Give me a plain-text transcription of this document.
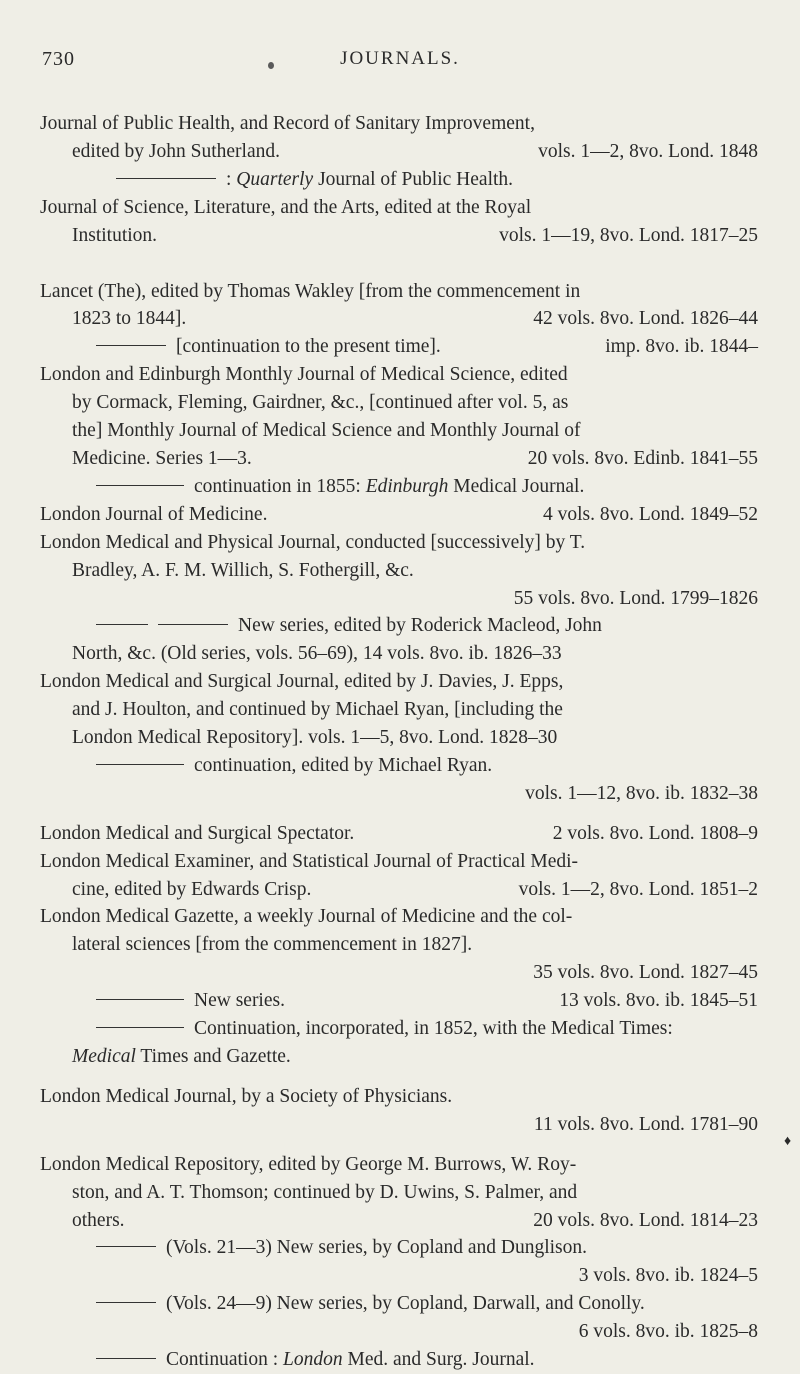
730	JOURNALS.
Journal of Public Health, and Record of Sanitary Improvement,
edited by John Sutherland.	vols. 1—2, 8vo. Lond. 1848
: Quarterly Journal of Public Health.
Journal of Science, Literature, and the Arts, edited at the Royal
Institution.	vols. 1—19, 8vo. Lond. 1817–25
Lancet (The), edited by Thomas Wakley [from the commencement in
1823 to 1844].	42 vols. 8vo. Lond. 1826–44
[continuation to the present time].	imp. 8vo. ib. 1844–
London and Edinburgh Monthly Journal of Medical Science, edited
by Cormack, Fleming, Gairdner, &c., [continued after vol. 5, as
the] Monthly Journal of Medical Science and Monthly Journal of
Medicine. Series 1—3.	20 vols. 8vo. Edinb. 1841–55
continuation in 1855: Edinburgh Medical Journal.
London Journal of Medicine.	4 vols. 8vo. Lond. 1849–52
London Medical and Physical Journal, conducted [successively] by T.
Bradley, A. F. M. Willich, S. Fothergill, &c.
55 vols. 8vo. Lond. 1799–1826
New series, edited by Roderick Macleod, John
North, &c. (Old series, vols. 56–69), 14 vols. 8vo. ib. 1826–33
London Medical and Surgical Journal, edited by J. Davies, J. Epps,
and J. Houlton, and continued by Michael Ryan, [including the
London Medical Repository]. vols. 1—5, 8vo. Lond. 1828–30
continuation, edited by Michael Ryan.
vols. 1—12, 8vo. ib. 1832–38
London Medical and Surgical Spectator.	2 vols. 8vo. Lond. 1808–9
London Medical Examiner, and Statistical Journal of Practical Medi-
cine, edited by Edwards Crisp.	vols. 1—2, 8vo. Lond. 1851–2
London Medical Gazette, a weekly Journal of Medicine and the col-
lateral sciences [from the commencement in 1827].
35 vols. 8vo. Lond. 1827–45
New series.	13 vols. 8vo. ib. 1845–51
Continuation, incorporated, in 1852, with the Medical Times:
Medical Times and Gazette.
London Medical Journal, by a Society of Physicians.
11 vols. 8vo. Lond. 1781–90
London Medical Repository, edited by George M. Burrows, W. Roy-
ston, and A. T. Thomson; continued by D. Uwins, S. Palmer, and
others.	20 vols. 8vo. Lond. 1814–23
(Vols. 21—3) New series, by Copland and Dunglison.
3 vols. 8vo. ib. 1824–5
(Vols. 24—9) New series, by Copland, Darwall, and Conolly.
6 vols. 8vo. ib. 1825–8
Continuation : London Med. and Surg. Journal.
♦
